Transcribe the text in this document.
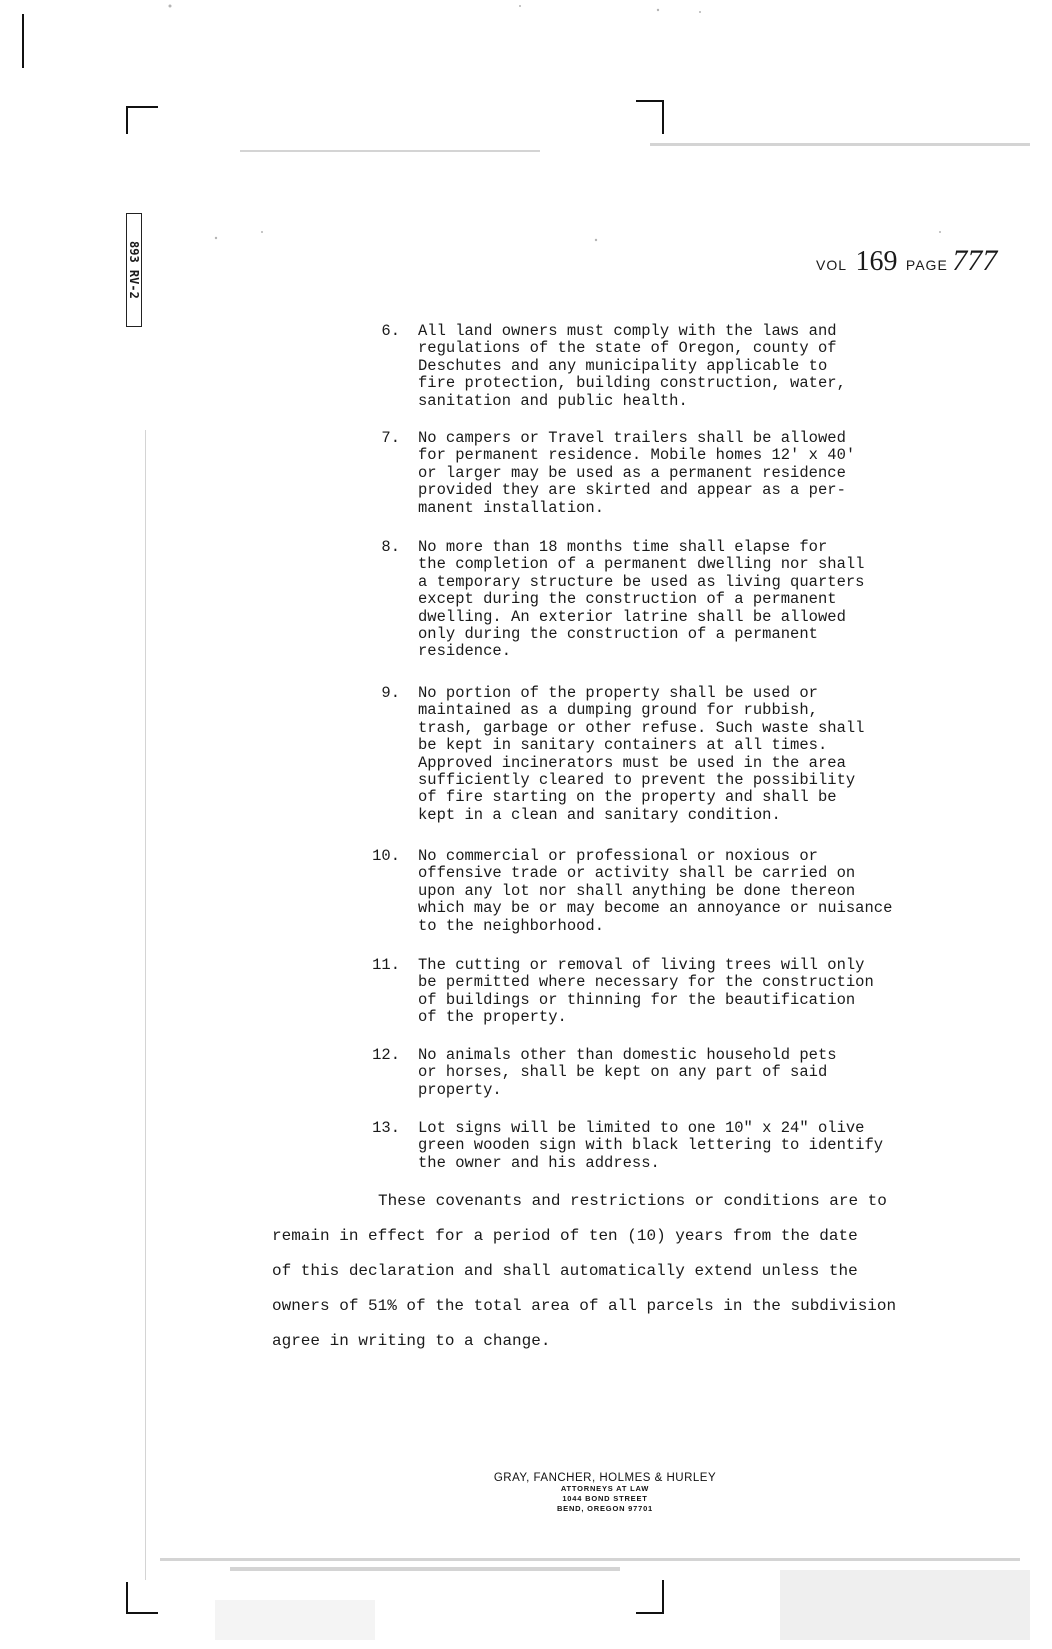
893 RV-2	VOL 169 PAGE 777
6. All land owners must comply with the laws and
regulations of the state of Oregon, county of
Deschutes and any municipality applicable to
fire protection, building construction, water,
sanitation and public health.
7. No campers or Travel trailers shall be allowed
for permanent residence. Mobile homes 12' x 40'
or larger may be used as a permanent residence
provided they are skirted and appear as a per-
manent installation.
8. No more than 18 months time shall elapse for
the completion of a permanent dwelling nor shall
a temporary structure be used as living quarters
except during the construction of a permanent
dwelling. An exterior latrine shall be allowed
only during the construction of a permanent
residence.
9. No portion of the property shall be used or
maintained as a dumping ground for rubbish,
trash, garbage or other refuse. Such waste shall
be kept in sanitary containers at all times.
Approved incinerators must be used in the area
sufficiently cleared to prevent the possibility
of fire starting on the property and shall be
kept in a clean and sanitary condition.
10. No commercial or professional or noxious or
offensive trade or activity shall be carried on
upon any lot nor shall anything be done thereon
which may be or may become an annoyance or nuisance
to the neighborhood.
11. The cutting or removal of living trees will only
be permitted where necessary for the construction
of buildings or thinning for the beautification
of the property.
12. No animals other than domestic household pets
or horses, shall be kept on any part of said
property.
13. Lot signs will be limited to one 10" x 24" olive
green wooden sign with black lettering to identify
the owner and his address.
These covenants and restrictions or conditions are to
remain in effect for a period of ten (10) years from the date
of this declaration and shall automatically extend unless the
owners of 51% of the total area of all parcels in the subdivision
agree in writing to a change.
GRAY, FANCHER, HOLMES & HURLEY
ATTORNEYS AT LAW
1044 BOND STREET
BEND, OREGON 97701
